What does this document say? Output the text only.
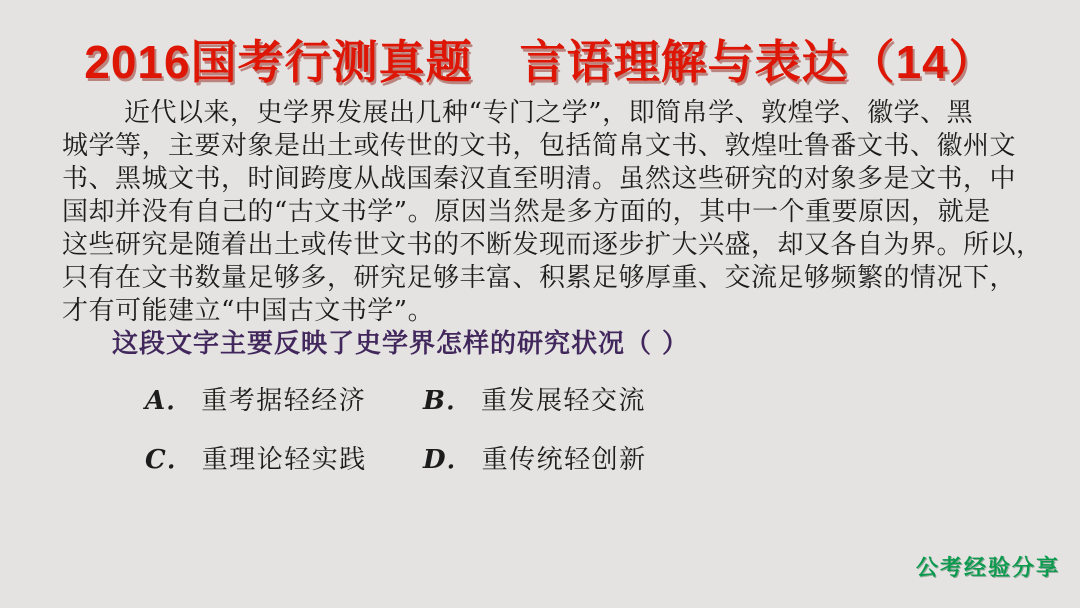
2016国考行测真题　言语理解与表达（14）
近代以来，史学界发展出几种“专门之学”，即简帛学、敦煌学、徽学、黑
城学等，主要对象是出土或传世的文书，包括简帛文书、敦煌吐鲁番文书、徽州文
书、黑城文书，时间跨度从战国秦汉直至明清。虽然这些研究的对象多是文书，中
国却并没有自己的“古文书学”。原因当然是多方面的，其中一个重要原因，就是
这些研究是随着出土或传世文书的不断发现而逐步扩大兴盛，却又各自为界。所以，
只有在文书数量足够多，研究足够丰富、积累足够厚重、交流足够频繁的情况下，
才有可能建立“中国古文书学”。
这段文字主要反映了史学界怎样的研究状况（ ）
A． 重考据轻经济	B． 重发展轻交流
C． 重理论轻实践	D． 重传统轻创新
公考经验分享
